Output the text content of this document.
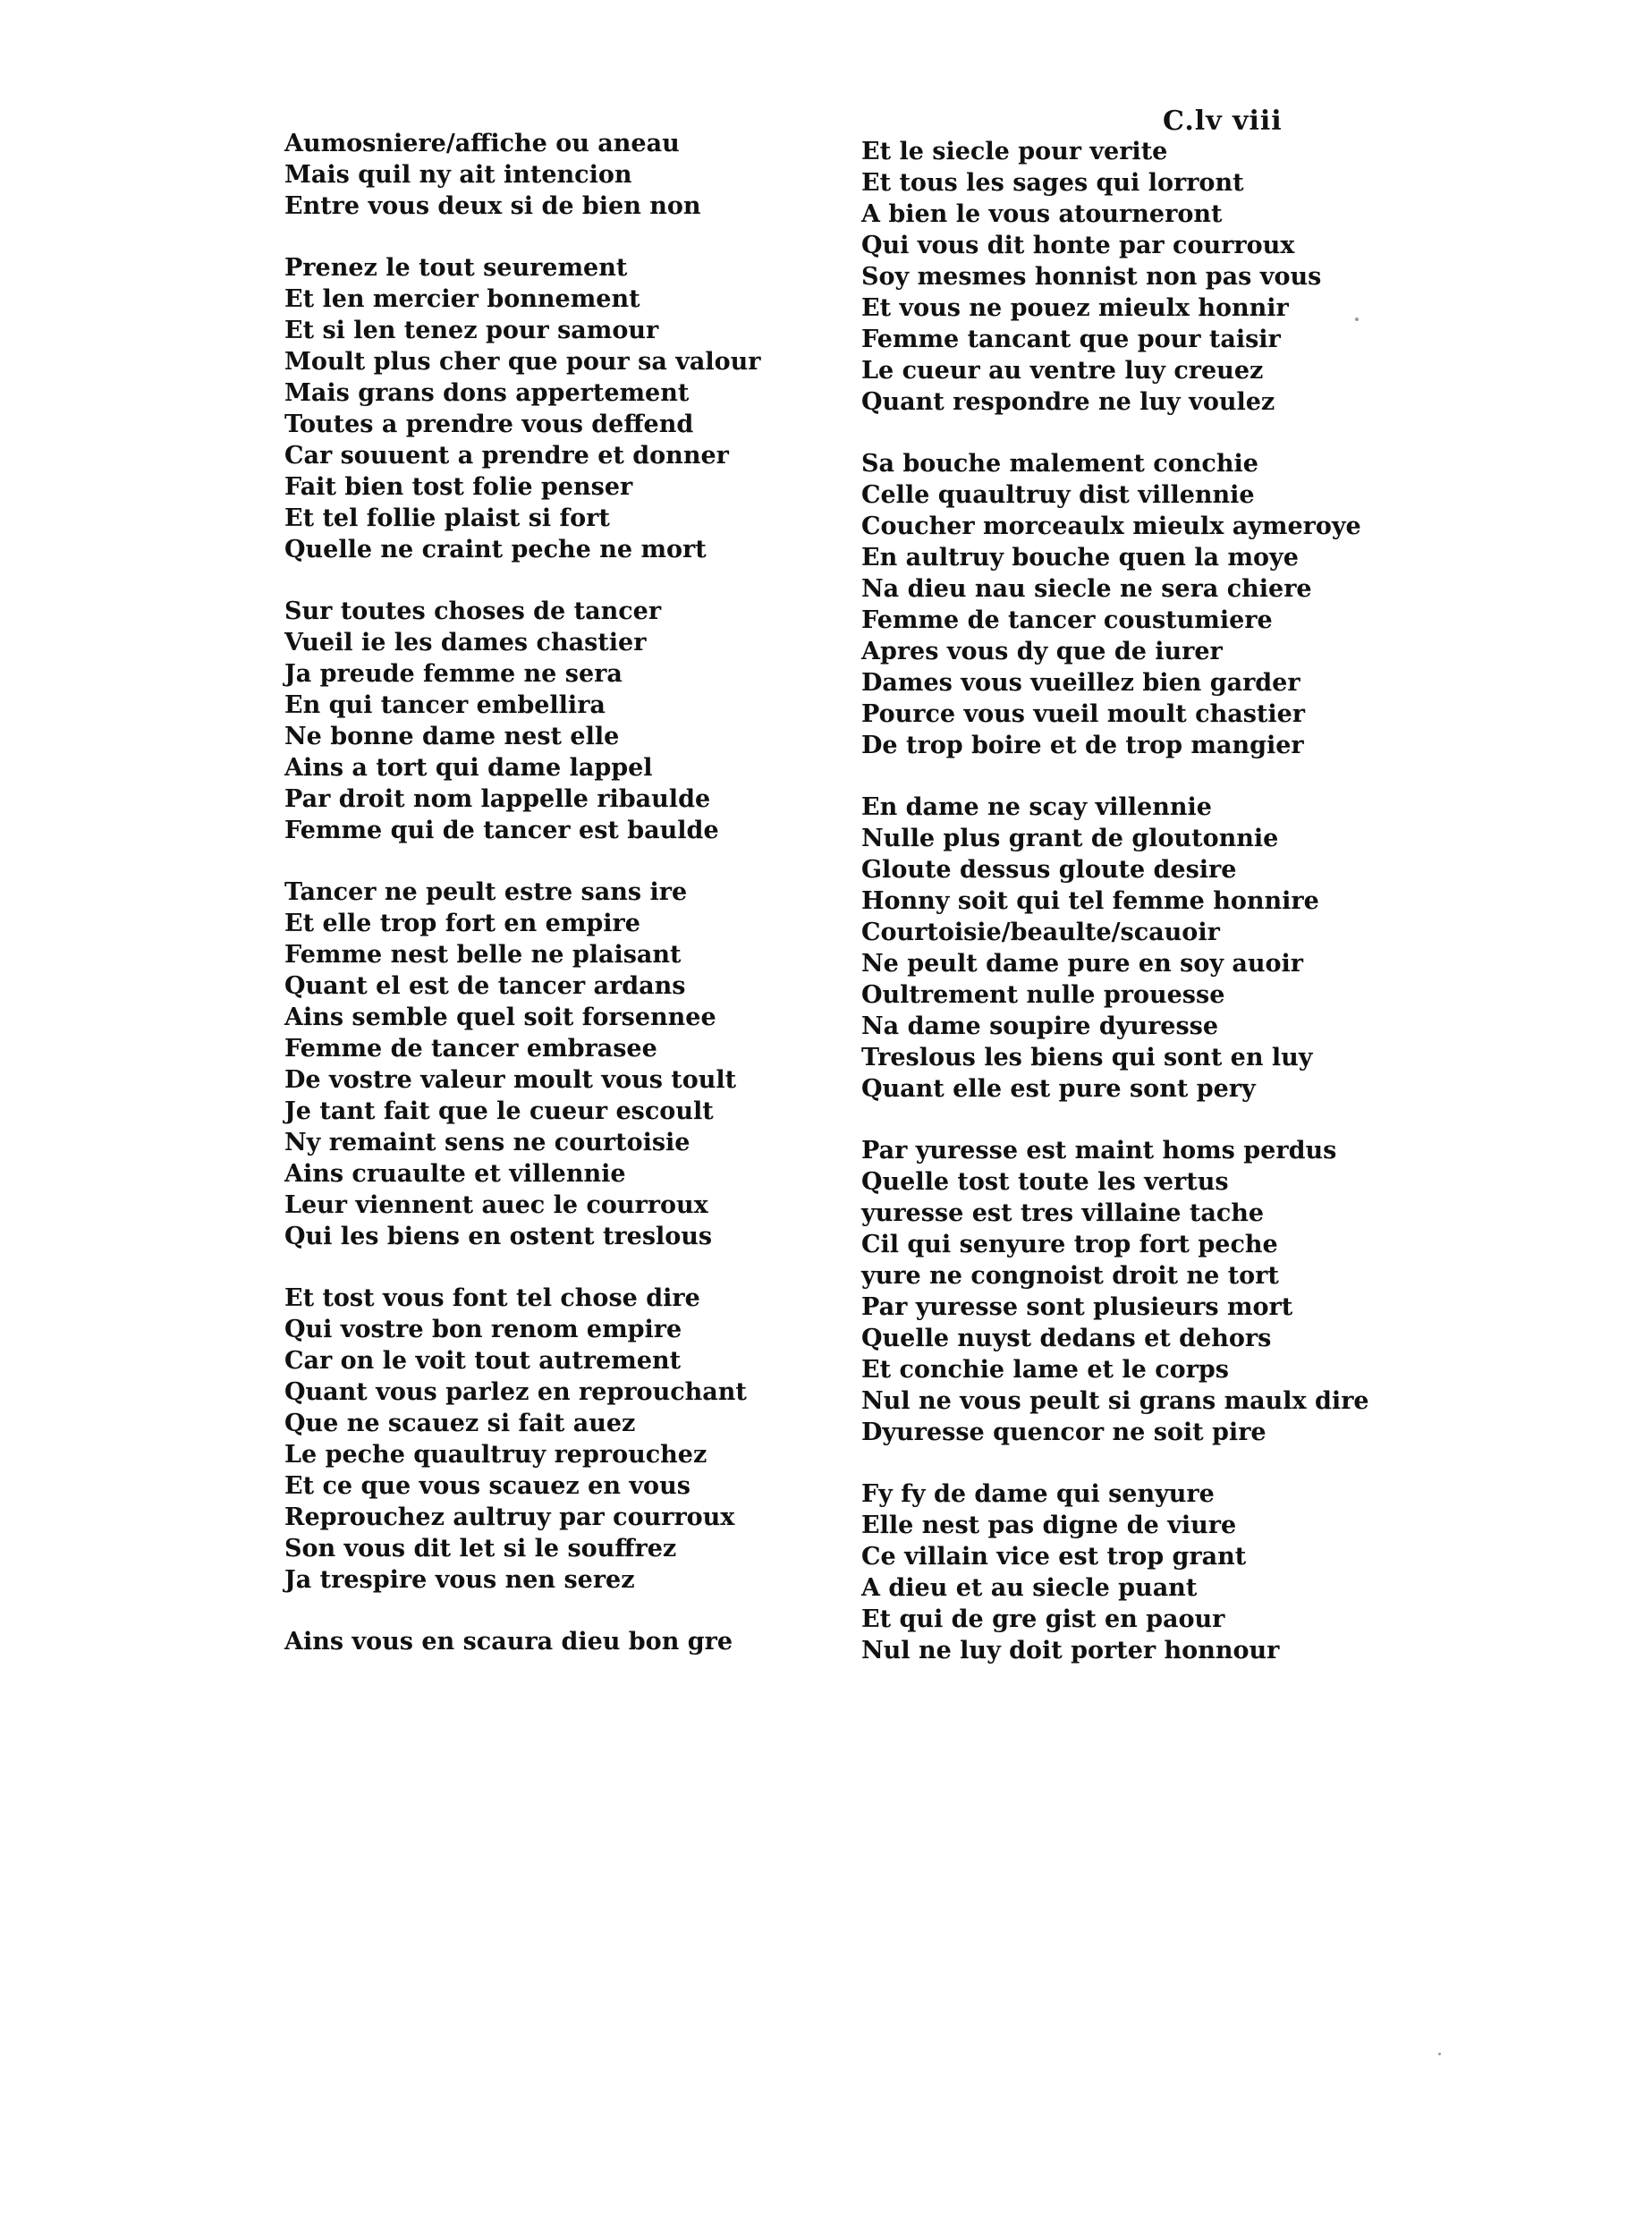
C.lv viii
Aumosniere/affiche ou aneau
Mais quil ny ait intencion
Entre vous deux si de bien non
Prenez le tout seurement
Et len mercier bonnement
Et si len tenez pour samour
Moult plus cher que pour sa valour
Mais grans dons appertement
Toutes a prendre vous deffend
Car souuent a prendre et donner
Fait bien tost folie penser
Et tel follie plaist si fort
Quelle ne craint peche ne mort
Sur toutes choses de tancer
Vueil ie les dames chastier
Ja preude femme ne sera
En qui tancer embellira
Ne bonne dame nest elle
Ains a tort qui dame lappel
Par droit nom lappelle ribaulde
Femme qui de tancer est baulde
Tancer ne peult estre sans ire
Et elle trop fort en empire
Femme nest belle ne plaisant
Quant el est de tancer ardans
Ains semble quel soit forsennee
Femme de tancer embrasee
De vostre valeur moult vous toult
Je tant fait que le cueur escoult
Ny remaint sens ne courtoisie
Ains cruaulte et villennie
Leur viennent auec le courroux
Qui les biens en ostent treslous
Et tost vous font tel chose dire
Qui vostre bon renom empire
Car on le voit tout autrement
Quant vous parlez en reprouchant
Que ne scauez si fait auez
Le peche quaultruy reprouchez
Et ce que vous scauez en vous
Reprouchez aultruy par courroux
Son vous dit let si le souffrez
Ja trespire vous nen serez
Ains vous en scaura dieu bon gre
Et le siecle pour verite
Et tous les sages qui lorront
A bien le vous atourneront
Qui vous dit honte par courroux
Soy mesmes honnist non pas vous
Et vous ne pouez mieulx honnir
Femme tancant que pour taisir
Le cueur au ventre luy creuez
Quant respondre ne luy voulez
Sa bouche malement conchie
Celle quaultruy dist villennie
Coucher morceaulx mieulx aymeroye
En aultruy bouche quen la moye
Na dieu nau siecle ne sera chiere
Femme de tancer coustumiere
Apres vous dy que de iurer
Dames vous vueillez bien garder
Pource vous vueil moult chastier
De trop boire et de trop mangier
En dame ne scay villennie
Nulle plus grant de gloutonnie
Gloute dessus gloute desire
Honny soit qui tel femme honnire
Courtoisie/beaulte/scauoir
Ne peult dame pure en soy auoir
Oultrement nulle prouesse
Na dame soupire dyuresse
Treslous les biens qui sont en luy
Quant elle est pure sont pery
Par yuresse est maint homs perdus
Quelle tost toute les vertus
yuresse est tres villaine tache
Cil qui senyure trop fort peche
yure ne congnoist droit ne tort
Par yuresse sont plusieurs mort
Quelle nuyst dedans et dehors
Et conchie lame et le corps
Nul ne vous peult si grans maulx dire
Dyuresse quencor ne soit pire
Fy fy de dame qui senyure
Elle nest pas digne de viure
Ce villain vice est trop grant
A dieu et au siecle puant
Et qui de gre gist en paour
Nul ne luy doit porter honnour
